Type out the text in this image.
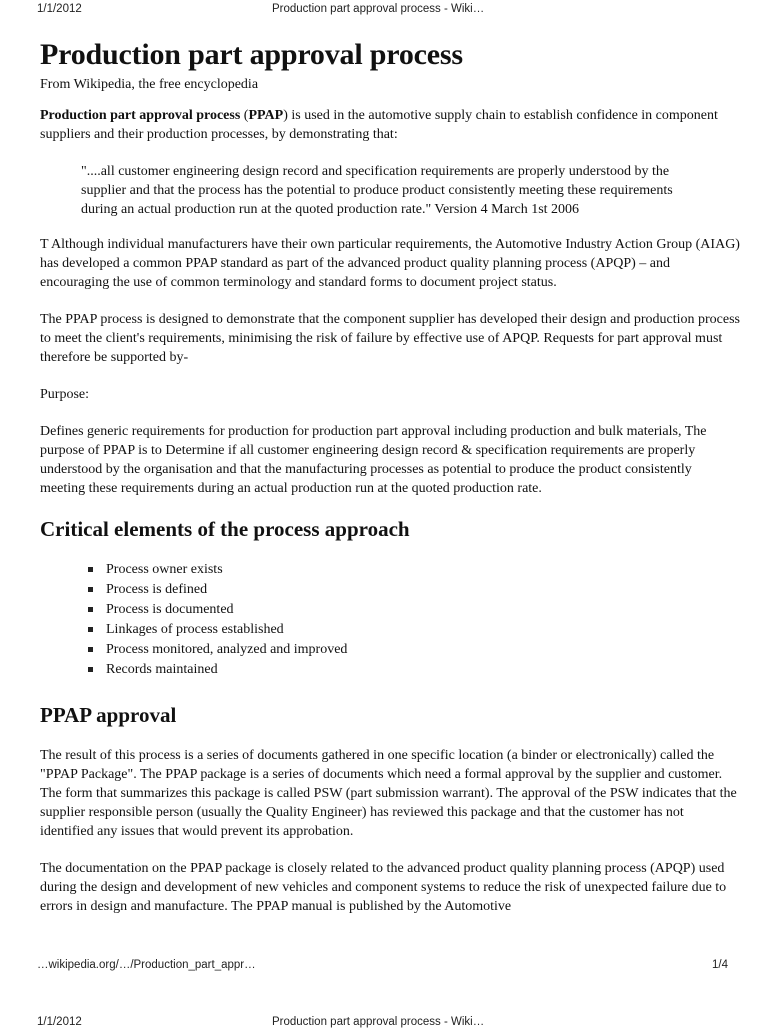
1/1/2012	Production part approval process - Wiki…
Production part approval process
From Wikipedia, the free encyclopedia

Production part approval process (PPAP) is used in the automotive supply chain to establish confidence in component suppliers and their production processes, by demonstrating that:

"....all customer engineering design record and specification requirements are properly understood by the supplier and that the process has the potential to produce product consistently meeting these requirements during an actual production run at the quoted production rate." Version 4 March 1st 2006

T Although individual manufacturers have their own particular requirements, the Automotive Industry Action Group (AIAG) has developed a common PPAP standard as part of the advanced product quality planning process (APQP) – and encouraging the use of common terminology and standard forms to document project status.

The PPAP process is designed to demonstrate that the component supplier has developed their design and production process to meet the client's requirements, minimising the risk of failure by effective use of APQP. Requests for part approval must therefore be supported by-

Purpose:

Defines generic requirements for production for production part approval including production and bulk materials, The purpose of PPAP is to Determine if all customer engineering design record & specification requirements are properly understood by the organisation and that the manufacturing processes as potential to produce the product consistently meeting these requirements during an actual production run at the quoted production rate.

Critical elements of the process approach
Process owner exists
Process is defined
Process is documented
Linkages of process established
Process monitored, analyzed and improved
Records maintained
PPAP approval

The result of this process is a series of documents gathered in one specific location (a binder or electronically) called the "PPAP Package". The PPAP package is a series of documents which need a formal approval by the supplier and customer. The form that summarizes this package is called PSW (part submission warrant). The approval of the PSW indicates that the supplier responsible person (usually the Quality Engineer) has reviewed this package and that the customer has not identified any issues that would prevent its approbation.

The documentation on the PPAP package is closely related to the advanced product quality planning process (APQP) used during the design and development of new vehicles and component systems to reduce the risk of unexpected failure due to errors in design and manufacture. The PPAP manual is published by the Automotive

…wikipedia.org/…/Production_part_appr…	1/4
1/1/2012	Production part approval process - Wiki…
